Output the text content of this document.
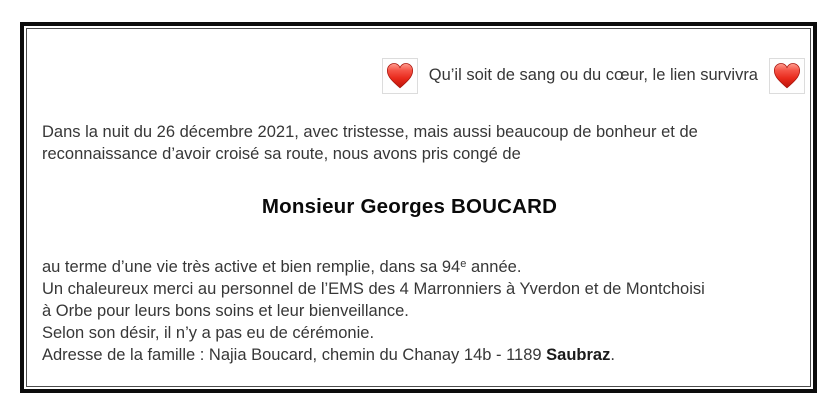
Qu’il soit de sang ou du cœur, le lien survivra
Dans la nuit du 26 décembre 2021, avec tristesse, mais aussi beaucoup de bonheur et de
reconnaissance d’avoir croisé sa route, nous avons pris congé de
Monsieur Georges BOUCARD
au terme d’une vie très active et bien remplie, dans sa 94e année.
Un chaleureux merci au personnel de l’EMS des 4 Marronniers à Yverdon et de Montchoisi
à Orbe pour leurs bons soins et leur bienveillance.
Selon son désir, il n’y a pas eu de cérémonie.
Adresse de la famille : Najia Boucard, chemin du Chanay 14b - 1189 Saubraz.
